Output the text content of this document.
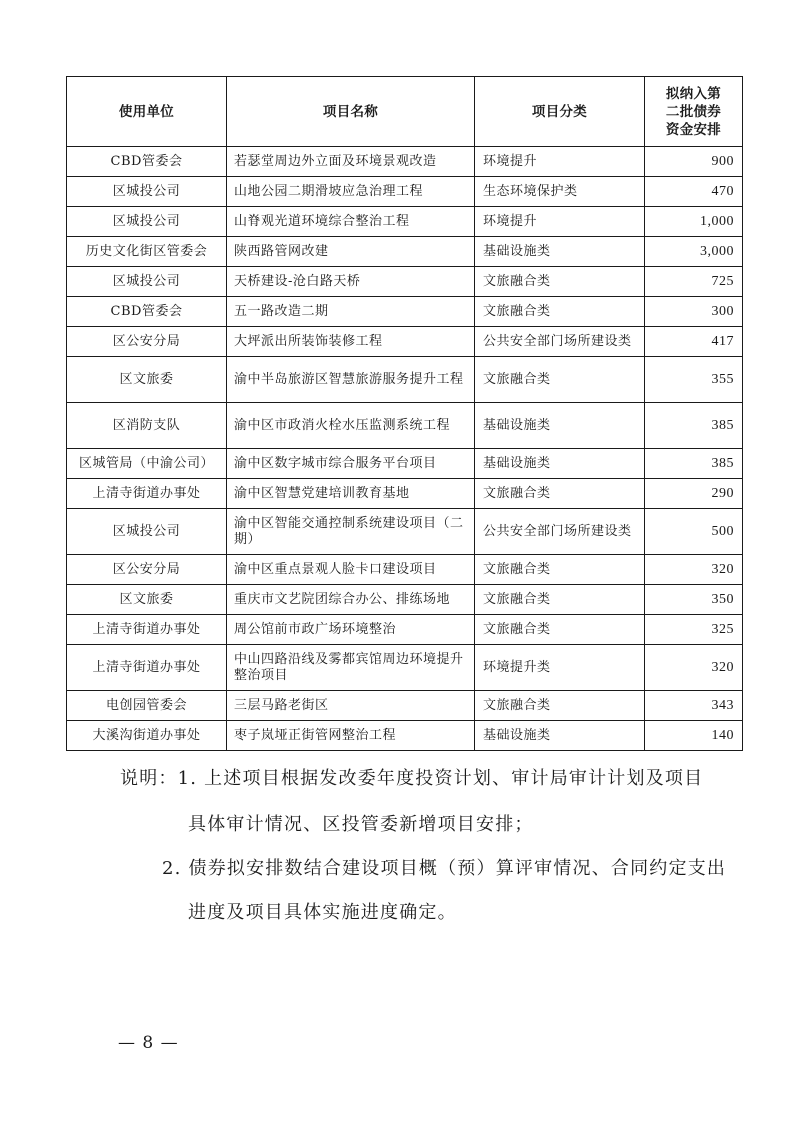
使用单位	项目名称	项目分类	拟纳入第
二批债券
资金安排

CBD管委会	若瑟堂周边外立面及环境景观改造	环境提升	900
区城投公司	山地公园二期滑坡应急治理工程	生态环境保护类	470
区城投公司	山脊观光道环境综合整治工程	环境提升	1,000
历史文化街区管委会	陕西路管网改建	基础设施类	3,000
区城投公司	天桥建设-沧白路天桥	文旅融合类	725
CBD管委会	五一路改造二期	文旅融合类	300
区公安分局	大坪派出所装饰装修工程	公共安全部门场所建设类	417
区文旅委	渝中半岛旅游区智慧旅游服务提升工程	文旅融合类	355
区消防支队	渝中区市政消火栓水压监测系统工程	基础设施类	385
区城管局（中渝公司）	渝中区数字城市综合服务平台项目	基础设施类	385
上清寺街道办事处	渝中区智慧党建培训教育基地	文旅融合类	290
区城投公司	渝中区智能交通控制系统建设项目（二期）	公共安全部门场所建设类	500
区公安分局	渝中区重点景观人脸卡口建设项目	文旅融合类	320
区文旅委	重庆市文艺院团综合办公、排练场地	文旅融合类	350
上清寺街道办事处	周公馆前市政广场环境整治	文旅融合类	325
上清寺街道办事处	中山四路沿线及雾都宾馆周边环境提升整治项目	环境提升类	320
电创园管委会	三层马路老街区	文旅融合类	343
大溪沟街道办事处	枣子岚垭正街管网整治工程	基础设施类	140
说明：1. 上述项目根据发改委年度投资计划、审计局审计计划及项目
具体审计情况、区投管委新增项目安排；
2. 债券拟安排数结合建设项目概（预）算评审情况、合同约定支出
进度及项目具体实施进度确定。
— 8 —
